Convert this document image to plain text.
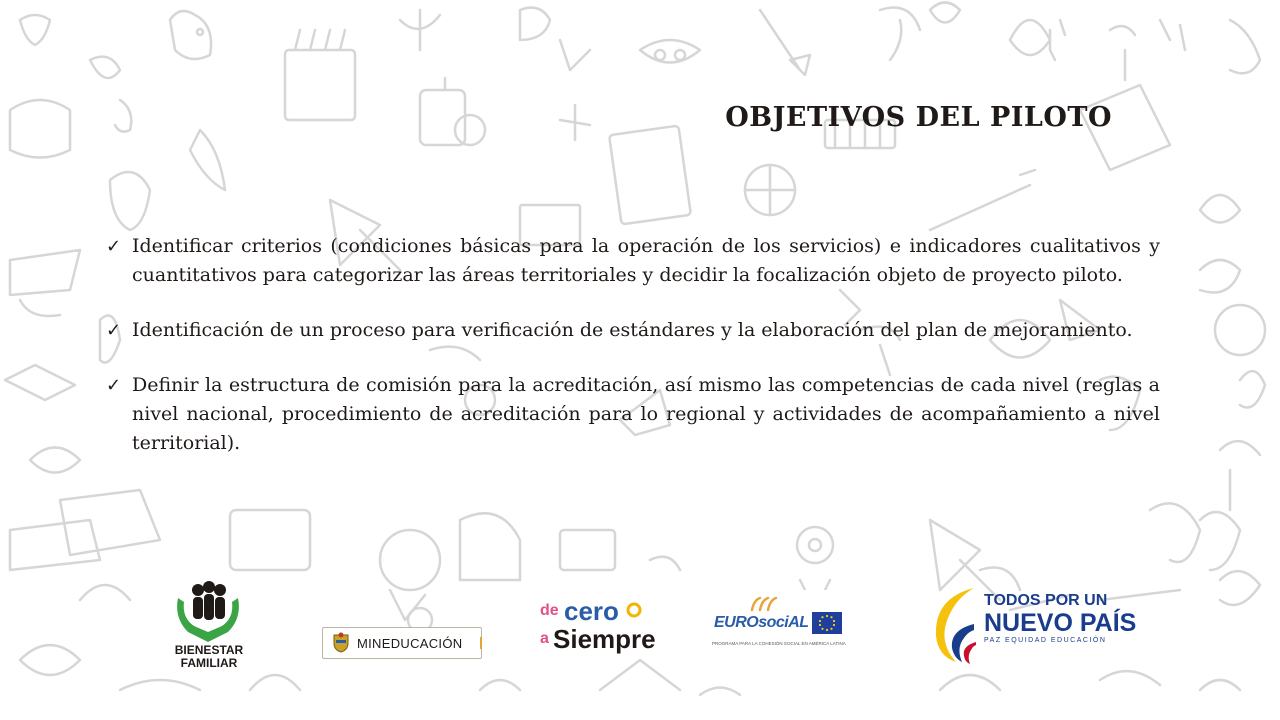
OBJETIVOS DEL PILOTO
✓ Identificar criterios (condiciones básicas para la operación de los servicios) e indicadores cualitativos y cuantitativos para categorizar las áreas territoriales y decidir la focalización objeto de proyecto piloto.
✓ Identificación de un proceso para verificación de estándares y la elaboración del plan de mejoramiento.
✓ Definir la estructura de comisión para la acreditación, así mismo las competencias de cada nivel (reglas a nivel nacional, procedimiento de acreditación para lo regional y actividades de acompañamiento a nivel territorial).
BIENESTAR
FAMILIAR
MINEDUCACIÓN
de cero
a Siempre
EUROsociAL
PROGRAMA PARA LA COHESIÓN SOCIAL EN AMÉRICA LATINA
TODOS POR UN
NUEVO PAÍS
PAZ EQUIDAD EDUCACIÓN
